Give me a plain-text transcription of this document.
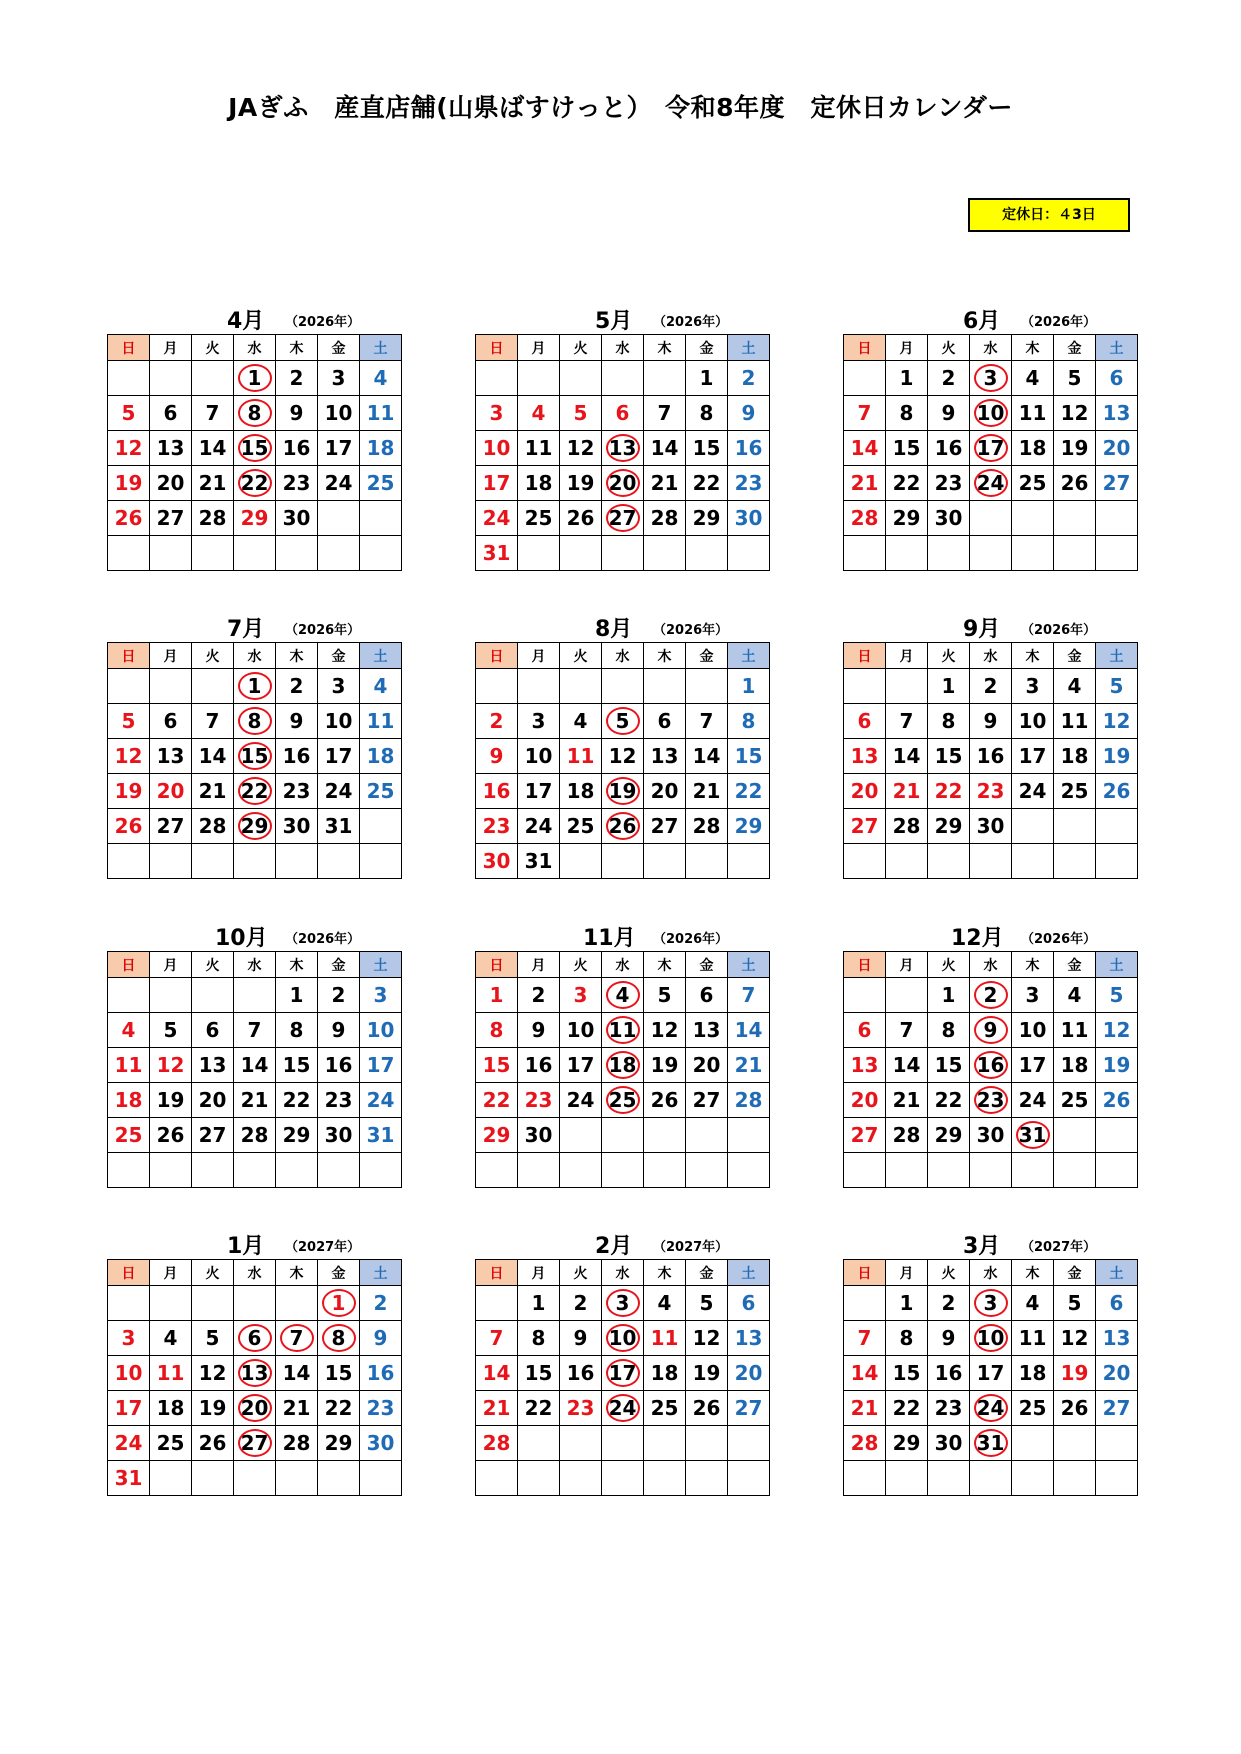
JAぎふ　産直店舗(山県ばすけっと）　令和8年度　定休日カレンダー
定休日：４3日
4月 （2026年）
日	月	火	水	木	金	土
			1	2	3	4
5	6	7	8	9	10	11
12	13	14	15	16	17	18
19	20	21	22	23	24	25
26	27	28	29	30		

5月 （2026年）
日	月	火	水	木	金	土
					1	2
3	4	5	6	7	8	9
10	11	12	13	14	15	16
17	18	19	20	21	22	23
24	25	26	27	28	29	30
31						
6月 （2026年）
日	月	火	水	木	金	土
	1	2	3	4	5	6
7	8	9	10	11	12	13
14	15	16	17	18	19	20
21	22	23	24	25	26	27
28	29	30				

7月 （2026年）
日	月	火	水	木	金	土
			1	2	3	4
5	6	7	8	9	10	11
12	13	14	15	16	17	18
19	20	21	22	23	24	25
26	27	28	29	30	31	

8月 （2026年）
日	月	火	水	木	金	土
						1
2	3	4	5	6	7	8
9	10	11	12	13	14	15
16	17	18	19	20	21	22
23	24	25	26	27	28	29
30	31					
9月 （2026年）
日	月	火	水	木	金	土
		1	2	3	4	5
6	7	8	9	10	11	12
13	14	15	16	17	18	19
20	21	22	23	24	25	26
27	28	29	30			

10月 （2026年）
日	月	火	水	木	金	土
				1	2	3
4	5	6	7	8	9	10
11	12	13	14	15	16	17
18	19	20	21	22	23	24
25	26	27	28	29	30	31

11月 （2026年）
日	月	火	水	木	金	土
1	2	3	4	5	6	7
8	9	10	11	12	13	14
15	16	17	18	19	20	21
22	23	24	25	26	27	28
29	30					

12月 （2026年）
日	月	火	水	木	金	土
		1	2	3	4	5
6	7	8	9	10	11	12
13	14	15	16	17	18	19
20	21	22	23	24	25	26
27	28	29	30	31

1月 （2027年）
日	月	火	水	木	金	土
					1	2
3	4	5	6	7	8	9
10	11	12	13	14	15	16
17	18	19	20	21	22	23
24	25	26	27	28	29	30
31						
2月 （2027年）
日	月	火	水	木	金	土
	1	2	3	4	5	6
7	8	9	10	11	12	13
14	15	16	17	18	19	20
21	22	23	24	25	26	27
28						

3月 （2027年）
日	月	火	水	木	金	土
	1	2	3	4	5	6
7	8	9	10	11	12	13
14	15	16	17	18	19	20
21	22	23	24	25	26	27
28	29	30	31
